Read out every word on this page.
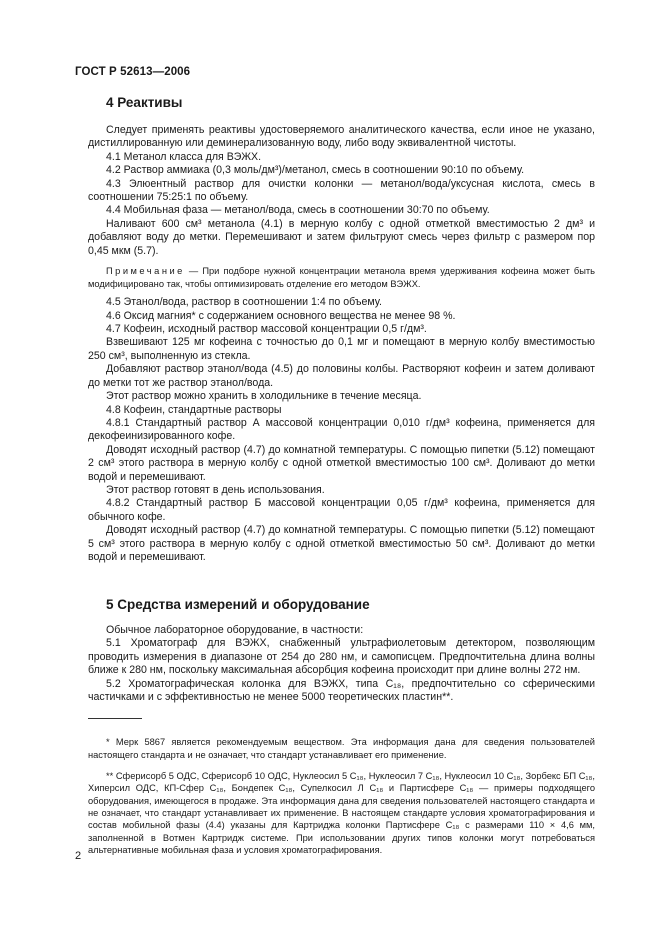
ГОСТ Р 52613—2006
4 Реактивы

Следует применять реактивы удостоверяемого аналитического качества, если иное не указано, дистиллированную или деминерализованную воду, либо воду эквивалентной чистоты.

4.1 Метанол класса для ВЭЖХ.

4.2 Раствор аммиака (0,3 моль/дм³)/метанол, смесь в соотношении 90:10 по объему.

4.3 Элюентный раствор для очистки колонки — метанол/вода/уксусная кислота, смесь в соотношении 75:25:1 по объему.

4.4 Мобильная фаза — метанол/вода, смесь в соотношении 30:70 по объему.

Наливают 600 см³ метанола (4.1) в мерную колбу с одной отметкой вместимостью 2 дм³ и добавляют воду до метки. Перемешивают и затем фильтруют смесь через фильтр с размером пор 0,45 мкм (5.7).

Примечание — При подборе нужной концентрации метанола время удерживания кофеина может быть модифицировано так, чтобы оптимизировать отделение его методом ВЭЖХ.

4.5 Этанол/вода, раствор в соотношении 1:4 по объему.

4.6 Оксид магния* с содержанием основного вещества не менее 98 %.

4.7 Кофеин, исходный раствор массовой концентрации 0,5 г/дм³.

Взвешивают 125 мг кофеина с точностью до 0,1 мг и помещают в мерную колбу вместимостью 250 см³, выполненную из стекла.

Добавляют раствор этанол/вода (4.5) до половины колбы. Растворяют кофеин и затем доливают до метки тот же раствор этанол/вода.

Этот раствор можно хранить в холодильнике в течение месяца.

4.8 Кофеин, стандартные растворы

4.8.1 Стандартный раствор А массовой концентрации 0,010 г/дм³ кофеина, применяется для декофеинизированного кофе.

Доводят исходный раствор (4.7) до комнатной температуры. С помощью пипетки (5.12) помещают 2 см³ этого раствора в мерную колбу с одной отметкой вместимостью 100 см³. Доливают до метки водой и перемешивают.

Этот раствор готовят в день использования.

4.8.2 Стандартный раствор Б массовой концентрации 0,05 г/дм³ кофеина, применяется для обычного кофе.

Доводят исходный раствор (4.7) до комнатной температуры. С помощью пипетки (5.12) помещают 5 см³ этого раствора в мерную колбу с одной отметкой вместимостью 50 см³. Доливают до метки водой и перемешивают.

5 Средства измерений и оборудование

Обычное лабораторное оборудование, в частности:

5.1 Хроматограф для ВЭЖХ, снабженный ультрафиолетовым детектором, позволяющим проводить измерения в диапазоне от 254 до 280 нм, и самописцем. Предпочтительна длина волны ближе к 280 нм, поскольку максимальная абсорбция кофеина происходит при длине волны 272 нм.

5.2 Хроматографическая колонка для ВЭЖХ, типа C₁₈, предпочтительно со сферическими частичками и с эффективностью не менее 5000 теоретических пластин**.

* Мерк 5867 является рекомендуемым веществом. Эта информация дана для сведения пользователей настоящего стандарта и не означает, что стандарт устанавливает его применение.

** Сферисорб 5 ОДС, Сферисорб 10 ОДС, Нуклеосил 5 C₁₈, Нуклеосил 7 C₁₈, Нуклеосил 10 C₁₈, Зорбекс БП C₁₈, Хиперсил ОДС, КП-Сфер C₁₈, Бондепек C₁₈, Супелкосил Л C₁₈ и Партисфере C₁₈ — примеры подходящего оборудования, имеющегося в продаже. Эта информация дана для сведения пользователей настоящего стандарта и не означает, что стандарт устанавливает их применение. В настоящем стандарте условия хроматографирования и состав мобильной фазы (4.4) указаны для Картриджа колонки Партисфере C₁₈ с размерами 110 × 4,6 мм, заполненной в Вотмен Картридж системе. При использовании других типов колонки могут потребоваться альтернативные мобильная фаза и условия хроматографирования.

2
